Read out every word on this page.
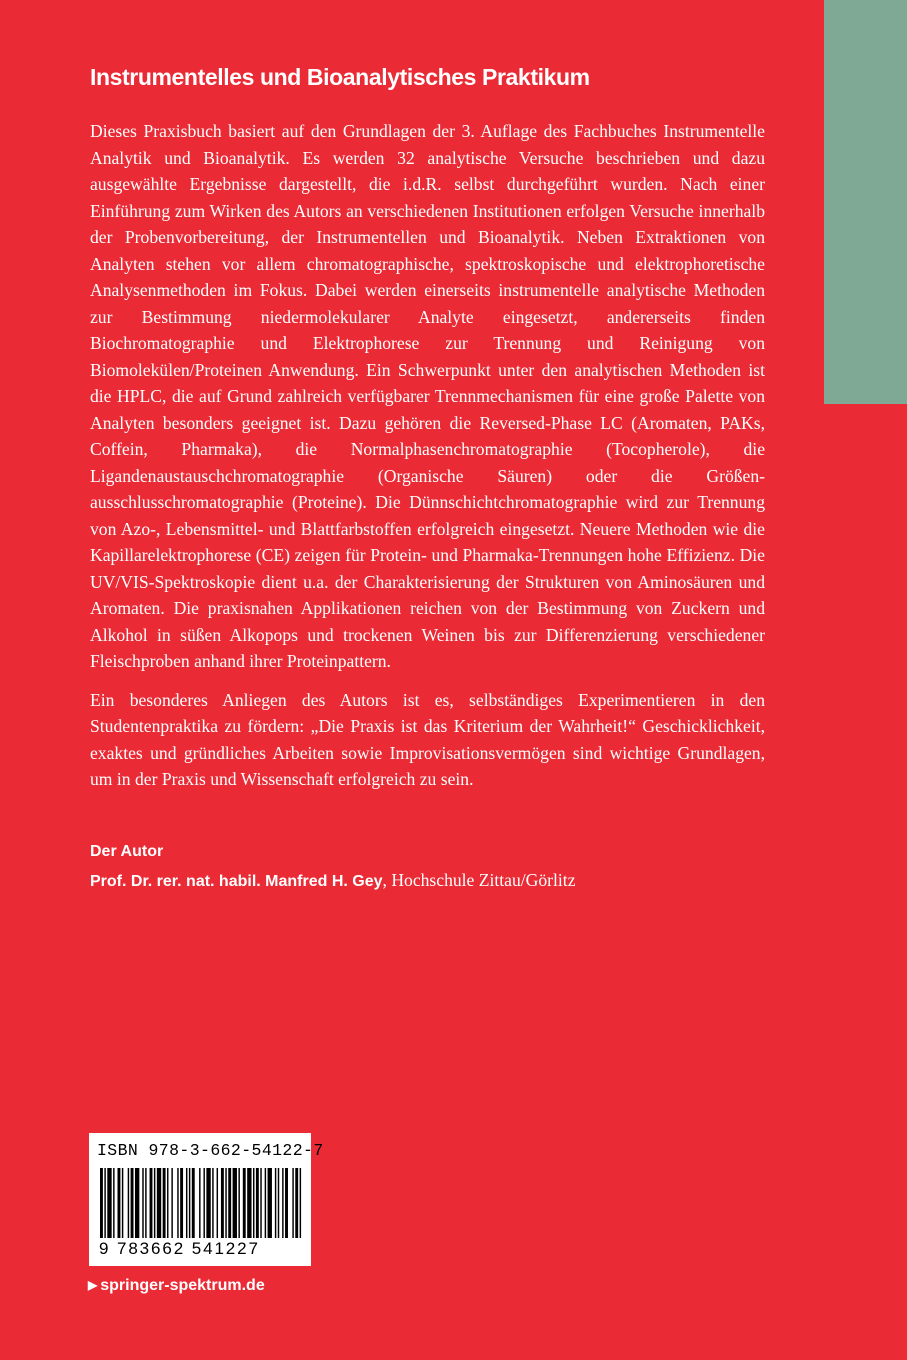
Instrumentelles und Bioanalytisches Praktikum

Dieses Praxisbuch basiert auf den Grundlagen der 3. Auflage des Fachbuches Instrumentelle Analytik und Bioanalytik. Es werden 32 analytische Versuche beschrieben und dazu ausgewählte Ergebnisse dargestellt, die i.d.R. selbst durchgeführt wurden. Nach einer Einführung zum Wirken des Autors an verschiedenen Institutionen erfolgen Versuche innerhalb der Probenvorbereitung, der Instrumentellen und Bioanalytik. Neben Extraktionen von Analyten stehen vor allem chromatographische, spektroskopische und elektrophoretische Analysenmethoden im Fokus. Dabei werden einerseits instrumentelle analytische Methoden zur Bestimmung niedermolekularer Analyte eingesetzt, andererseits finden Biochromatographie und Elektrophorese zur Trennung und Reinigung von Biomolekülen/Proteinen Anwendung. Ein Schwerpunkt unter den analytischen Methoden ist die HPLC, die auf Grund zahlreich verfügbarer Trennmechanismen für eine große Palette von Analyten besonders geeignet ist. Dazu gehören die Reversed-Phase LC (Aromaten, PAKs, Coffein, Pharmaka), die Normalphasenchromatographie (Tocopherole), die Ligandenaustauschchromatographie (Organische Säuren) oder die Größenausschlusschromatographie (Proteine). Die Dünnschichtchromatographie wird zur Trennung von Azo-, Lebensmittel- und Blattfarbstoffen erfolgreich eingesetzt. Neuere Methoden wie die Kapillarelektrophorese (CE) zeigen für Protein- und Pharmaka-Trennungen hohe Effizienz. Die UV/VIS-Spektroskopie dient u.a. der Charakterisierung der Strukturen von Aminosäuren und Aromaten. Die praxisnahen Applikationen reichen von der Bestimmung von Zuckern und Alkohol in süßen Alkopops und trockenen Weinen bis zur Differenzierung verschiedener Fleischproben anhand ihrer Proteinpattern.

Ein besonderes Anliegen des Autors ist es, selbständiges Experimentieren in den Studentenpraktika zu fördern: „Die Praxis ist das Kriterium der Wahrheit!“ Geschicklichkeit, exaktes und gründliches Arbeiten sowie Improvisationsvermögen sind wichtige Grundlagen, um in der Praxis und Wissenschaft erfolgreich zu sein.

Der Autor
Prof. Dr. rer. nat. habil. Manfred H. Gey, Hochschule Zittau/Görlitz
ISBN 978-3-662-54122-7
9 783662 541227
▶ springer-spektrum.de
